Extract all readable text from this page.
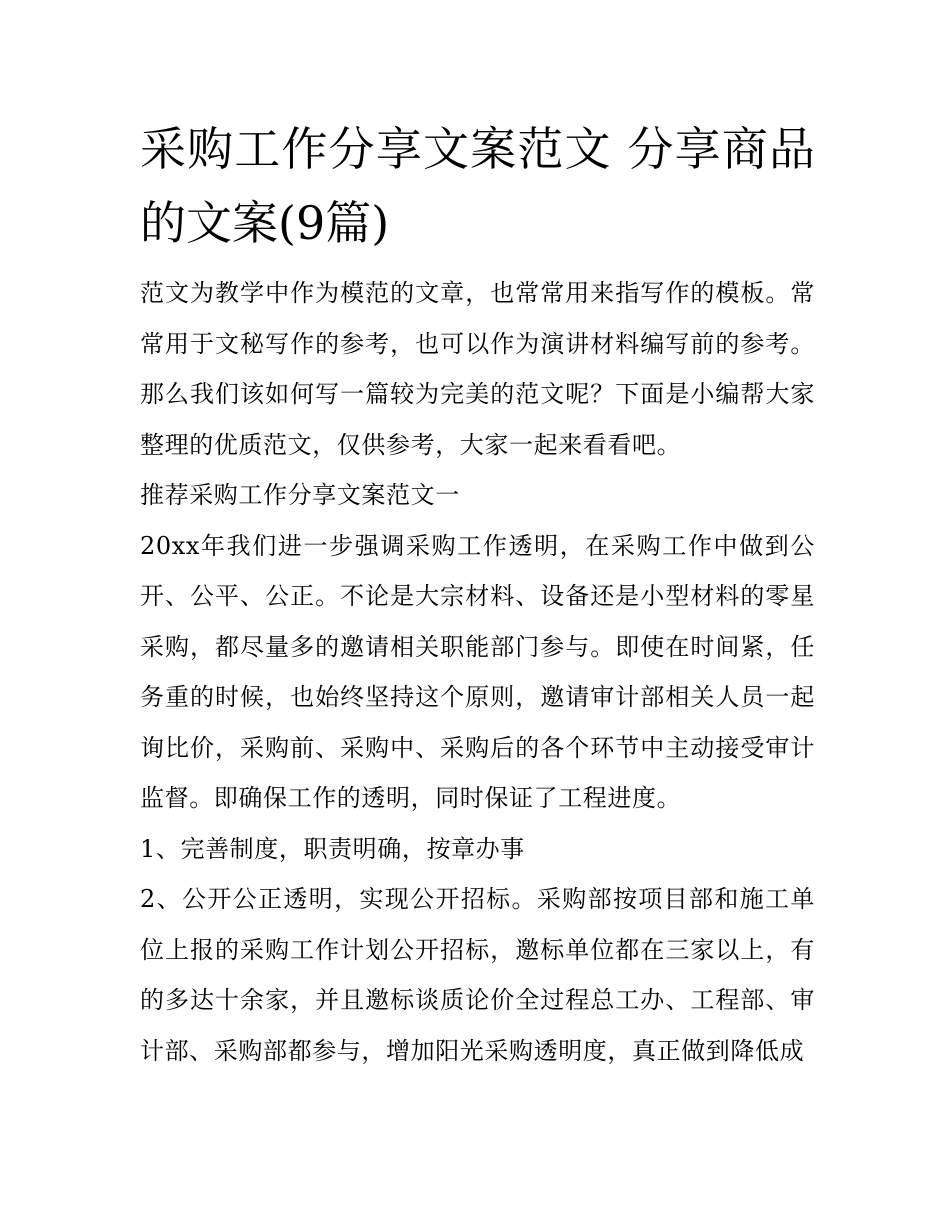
采购工作分享文案范文 分享商品的文案(9篇)

范文为教学中作为模范的文章，也常常用来指写作的模板。常常用于文秘写作的参考，也可以作为演讲材料编写前的参考。那么我们该如何写一篇较为完美的范文呢？下面是小编帮大家整理的优质范文，仅供参考，大家一起来看看吧。

推荐采购工作分享文案范文一

20xx年我们进一步强调采购工作透明，在采购工作中做到公开、公平、公正。不论是大宗材料、设备还是小型材料的零星采购，都尽量多的邀请相关职能部门参与。即使在时间紧，任务重的时候，也始终坚持这个原则，邀请审计部相关人员一起询比价，采购前、采购中、采购后的各个环节中主动接受审计监督。即确保工作的透明，同时保证了工程进度。

1、完善制度，职责明确，按章办事

2、公开公正透明，实现公开招标。采购部按项目部和施工单位上报的采购工作计划公开招标，邀标单位都在三家以上，有的多达十余家，并且邀标谈质论价全过程总工办、工程部、审计部、采购部都参与，增加阳光采购透明度，真正做到降低成
